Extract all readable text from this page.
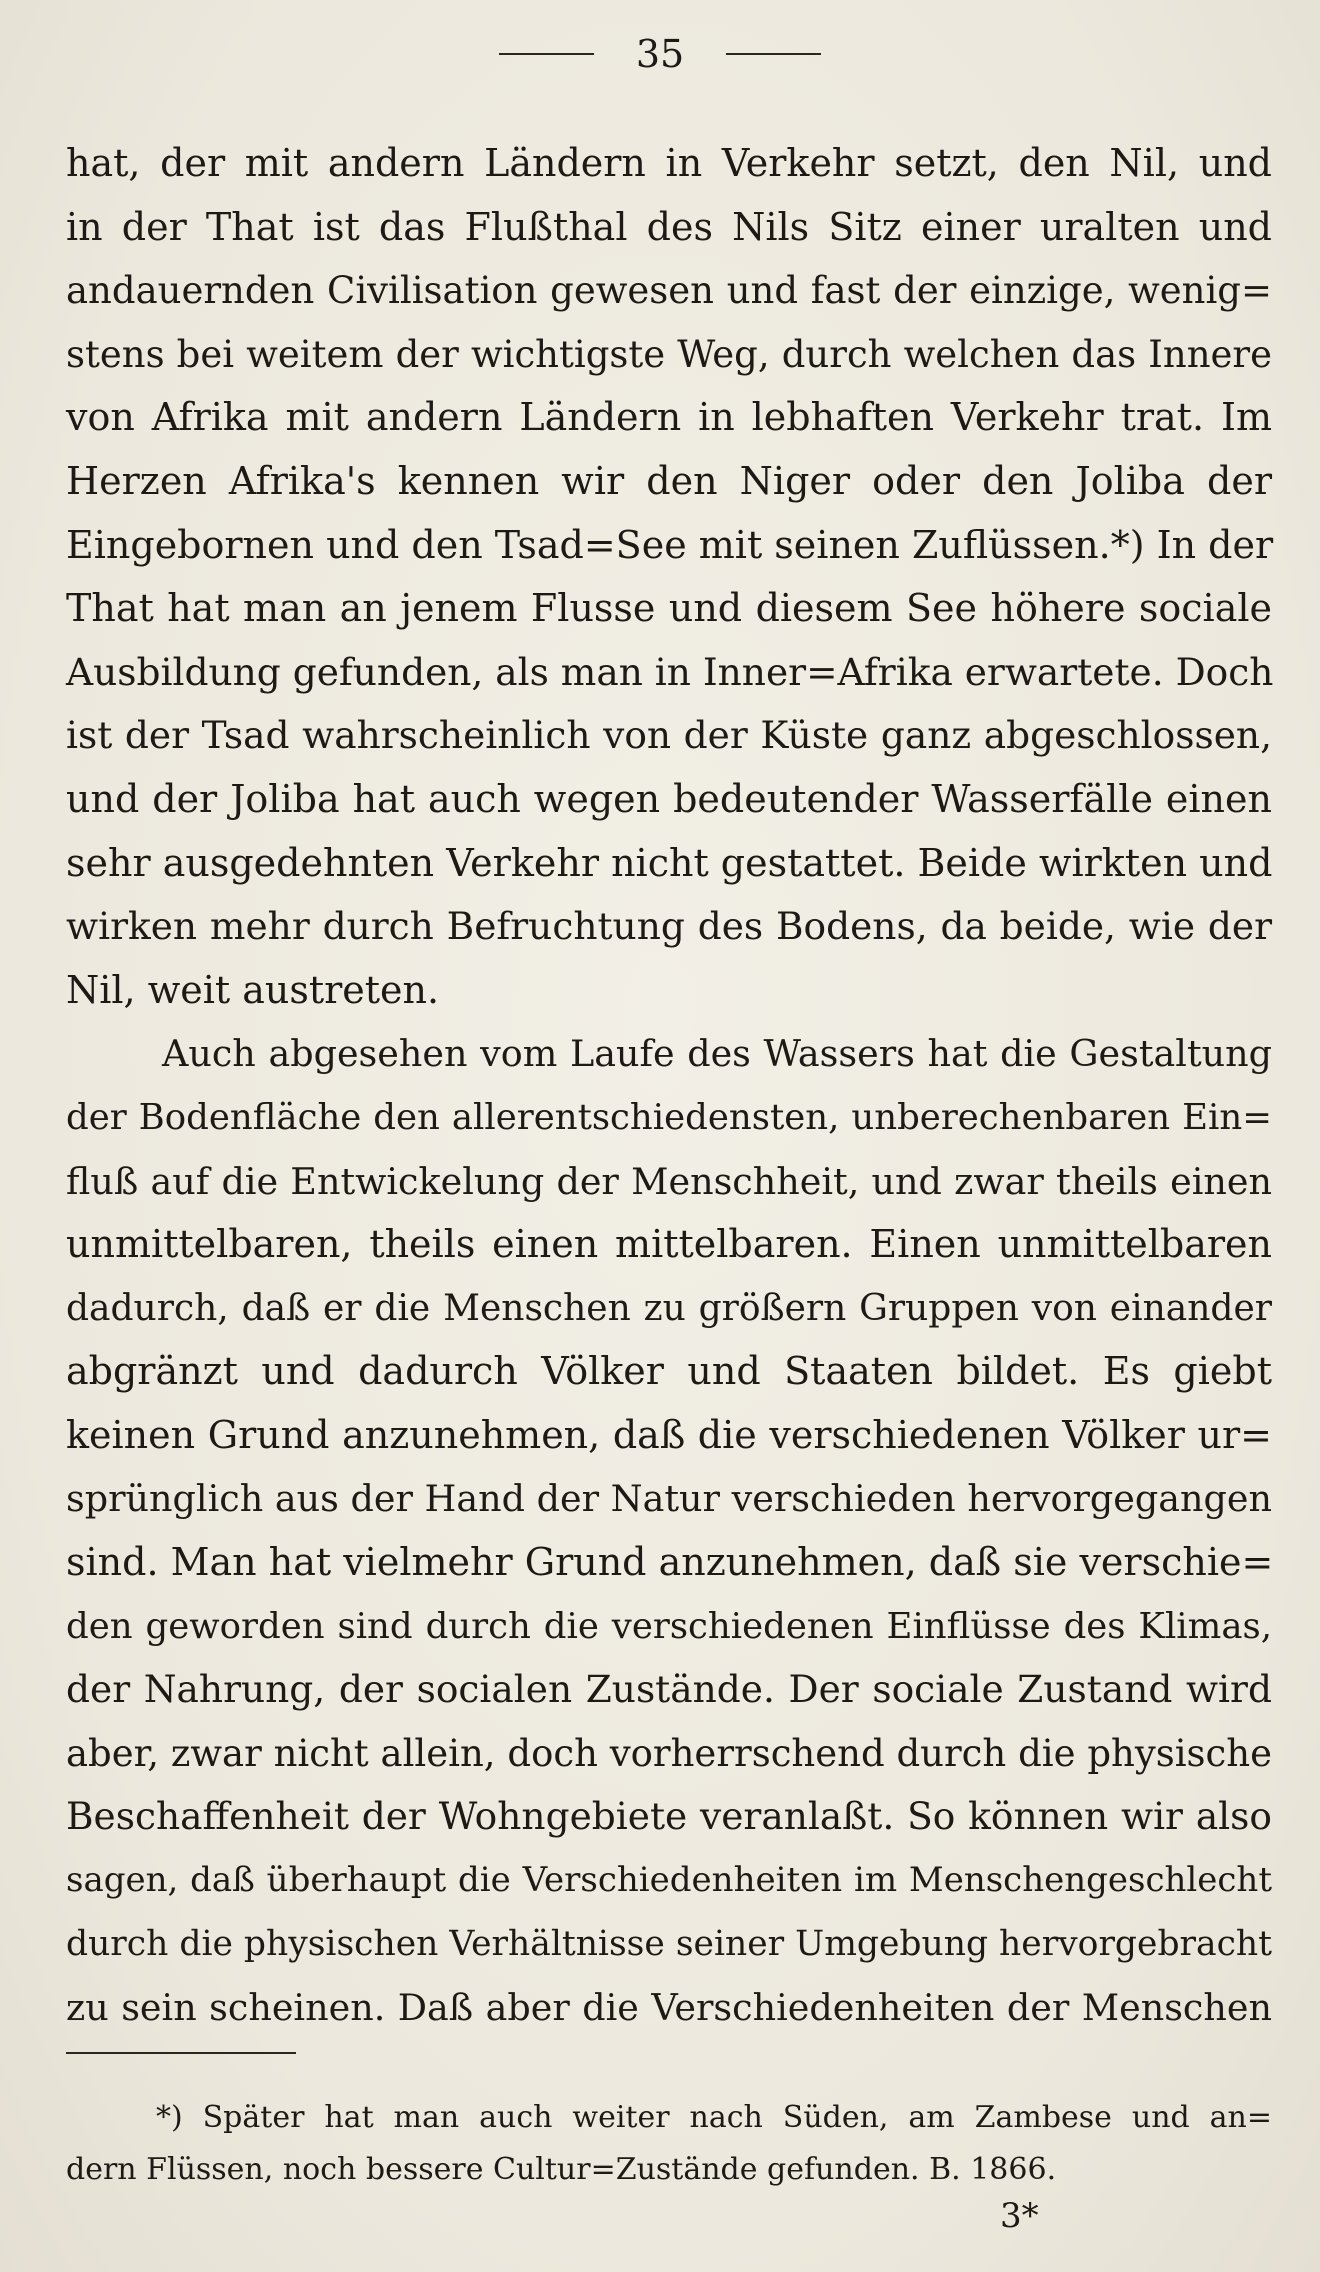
35
hat, der mit andern Ländern in Verkehr setzt, den Nil, und
in der That ist das Flußthal des Nils Sitz einer uralten und
andauernden Civilisation gewesen und fast der einzige, wenig=
stens bei weitem der wichtigste Weg, durch welchen das Innere
von Afrika mit andern Ländern in lebhaften Verkehr trat. Im
Herzen Afrika's kennen wir den Niger oder den Joliba der
Eingebornen und den Tsad=See mit seinen Zuflüssen.*) In der
That hat man an jenem Flusse und diesem See höhere sociale
Ausbildung gefunden, als man in Inner=Afrika erwartete. Doch
ist der Tsad wahrscheinlich von der Küste ganz abgeschlossen,
und der Joliba hat auch wegen bedeutender Wasserfälle einen
sehr ausgedehnten Verkehr nicht gestattet. Beide wirkten und
wirken mehr durch Befruchtung des Bodens, da beide, wie der
Nil, weit austreten.
Auch abgesehen vom Laufe des Wassers hat die Gestaltung
der Bodenfläche den allerentschiedensten, unberechenbaren Ein=
fluß auf die Entwickelung der Menschheit, und zwar theils einen
unmittelbaren, theils einen mittelbaren. Einen unmittelbaren
dadurch, daß er die Menschen zu größern Gruppen von einander
abgränzt und dadurch Völker und Staaten bildet. Es giebt
keinen Grund anzunehmen, daß die verschiedenen Völker ur=
sprünglich aus der Hand der Natur verschieden hervorgegangen
sind. Man hat vielmehr Grund anzunehmen, daß sie verschie=
den geworden sind durch die verschiedenen Einflüsse des Klimas,
der Nahrung, der socialen Zustände. Der sociale Zustand wird
aber, zwar nicht allein, doch vorherrschend durch die physische
Beschaffenheit der Wohngebiete veranlaßt. So können wir also
sagen, daß überhaupt die Verschiedenheiten im Menschengeschlecht
durch die physischen Verhältnisse seiner Umgebung hervorgebracht
zu sein scheinen. Daß aber die Verschiedenheiten der Menschen
*) Später hat man auch weiter nach Süden, am Zambese und an=
dern Flüssen, noch bessere Cultur=Zustände gefunden. B. 1866.
3*
